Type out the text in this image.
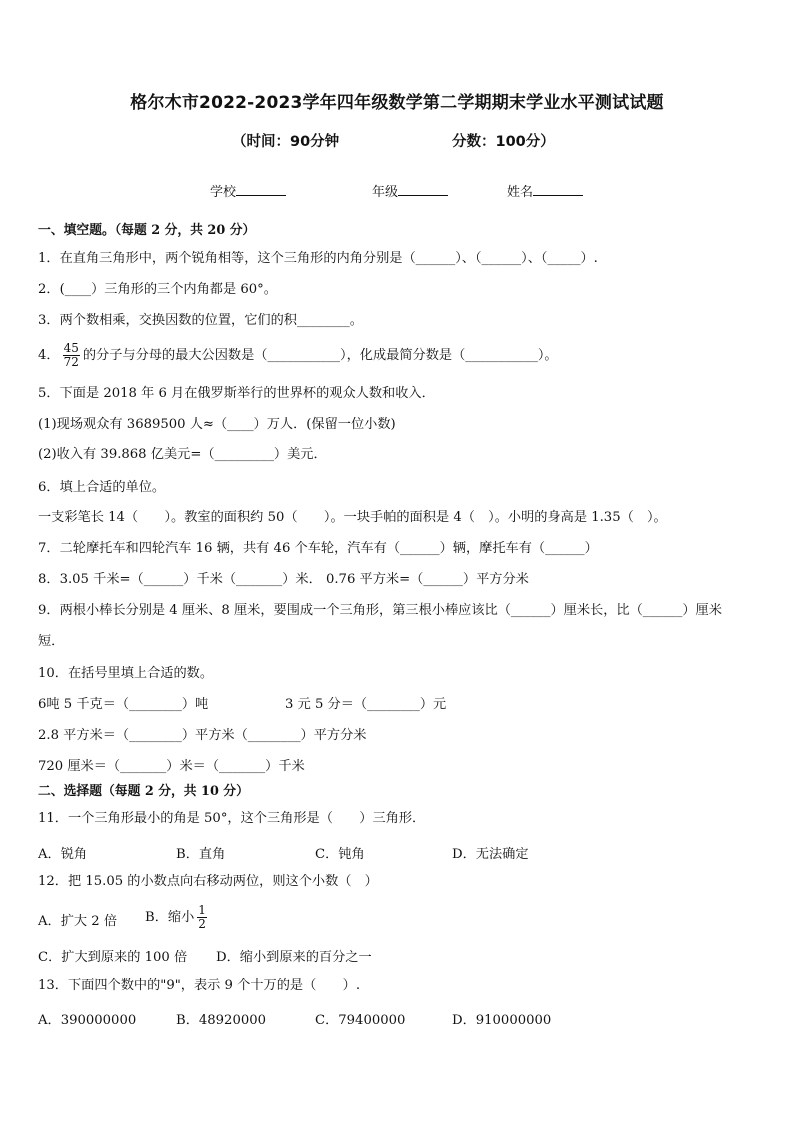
格尔木市2022-2023学年四年级数学第二学期期末学业水平测试试题
（时间：90分钟	分数：100分）
学校	年级	姓名
一、填空题。（每题 2 分，共 20 分）
1．在直角三角形中，两个锐角相等，这个三角形的内角分别是（______）、（______）、（_____）.
2．(____）三角形的三个内角都是 60°。
3．两个数相乘，交换因数的位置，它们的积________。
4． $\frac{45}{72}$ 的分子与分母的最大公因数是（___________），化成最简分数是（___________）。
5．下面是 2018 年 6 月在俄罗斯举行的世界杯的观众人数和收入．
(1)现场观众有 3689500 人≈（____）万人．(保留一位小数)
(2)收入有 39.868 亿美元=（_________）美元．
6．填上合适的单位。
一支彩笔长 14（　　）。教室的面积约 50（　　）。一块手帕的面积是 4（　）。小明的身高是 1.35（　）。
7．二轮摩托车和四轮汽车 16 辆，共有 46 个车轮，汽车有（______）辆，摩托车有（______）
8．3.05 千米=（______）千米（_______）米． 0.76 平方米=（______）平方分米
9．两根小棒长分别是 4 厘米、8 厘米，要围成一个三角形，第三根小棒应该比（______）厘米长，比（______）厘米
短．
10．在括号里填上合适的数。
6吨 5 千克＝（________）吨	3 元 5 分＝（________）元
2.8 平方米＝（________）平方米（________）平方分米
720 厘米＝（_______）米＝（_______）千米
二、选择题（每题 2 分，共 10 分）
11．一个三角形最小的角是 50°，这个三角形是（　　）三角形．
A．锐角	B．直角	C．钝角	D．无法确定
12．把 15.05 的小数点向右移动两位，则这个小数（　）
A．扩大 2 倍 B．缩小 $\frac{1}{2}$
C．扩大到原来的 100 倍 D．缩小到原来的百分之一
13．下面四个数中的"9"，表示 9 个十万的是（　　）.
A．390000000	B．48920000	C．79400000	D．910000000
